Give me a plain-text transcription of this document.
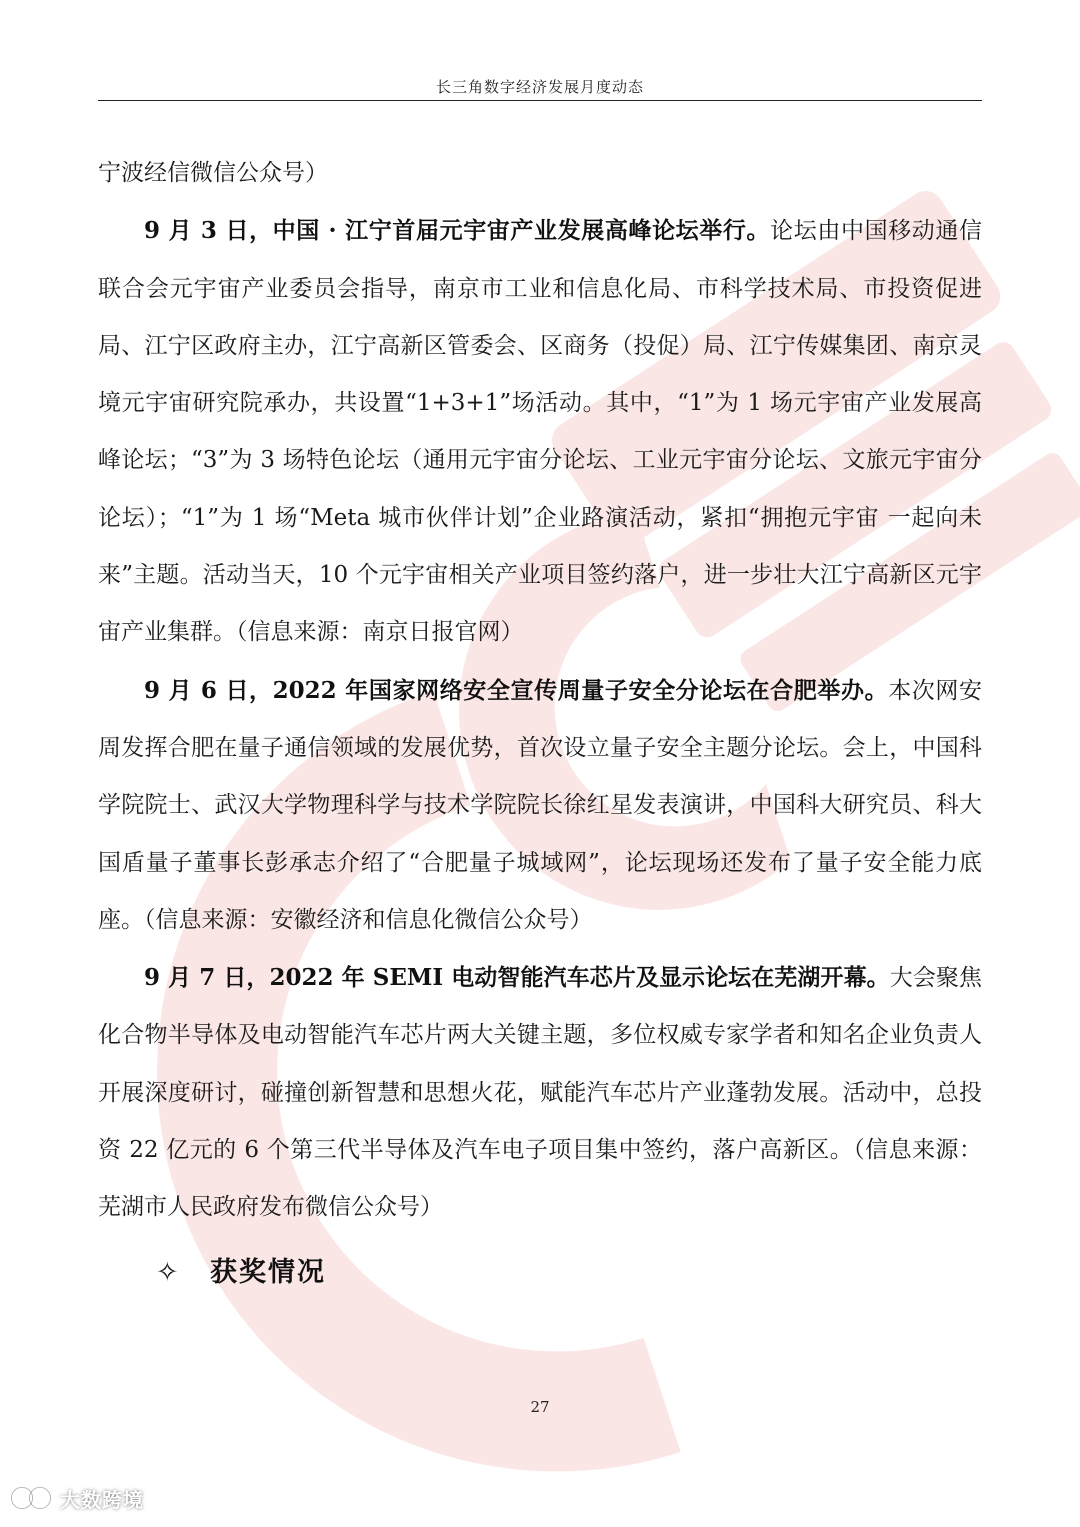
长三角数字经济发展月度动态

宁波经信微信公众号）

9 月 3 日，中国 · 江宁首届元宇宙产业发展高峰论坛举行。论坛由中国移动通信联合会元宇宙产业委员会指导，南京市工业和信息化局、市科学技术局、市投资促进局、江宁区政府主办，江宁高新区管委会、区商务（投促）局、江宁传媒集团、南京灵境元宇宙研究院承办，共设置“1+3+1”场活动。其中，“1”为 1 场元宇宙产业发展高峰论坛；“3”为 3 场特色论坛（通用元宇宙分论坛、工业元宇宙分论坛、文旅元宇宙分论坛）；“1”为 1 场“Meta 城市伙伴计划”企业路演活动，紧扣“拥抱元宇宙 一起向未来”主题。活动当天，10 个元宇宙相关产业项目签约落户，进一步壮大江宁高新区元宇宙产业集群。（信息来源：南京日报官网）

9 月 6 日，2022 年国家网络安全宣传周量子安全分论坛在合肥举办。本次网安周发挥合肥在量子通信领域的发展优势，首次设立量子安全主题分论坛。会上，中国科学院院士、武汉大学物理科学与技术学院院长徐红星发表演讲，中国科大研究员、科大国盾量子董事长彭承志介绍了“合肥量子城域网”，论坛现场还发布了量子安全能力底座。（信息来源：安徽经济和信息化微信公众号）

9 月 7 日，2022 年 SEMI 电动智能汽车芯片及显示论坛在芜湖开幕。大会聚焦化合物半导体及电动智能汽车芯片两大关键主题，多位权威专家学者和知名企业负责人开展深度研讨，碰撞创新智慧和思想火花，赋能汽车芯片产业蓬勃发展。活动中，总投资 22 亿元的 6 个第三代半导体及汽车电子项目集中签约，落户高新区。（信息来源：芜湖市人民政府发布微信公众号）

✧ 获奖情况
27
大数跨境
